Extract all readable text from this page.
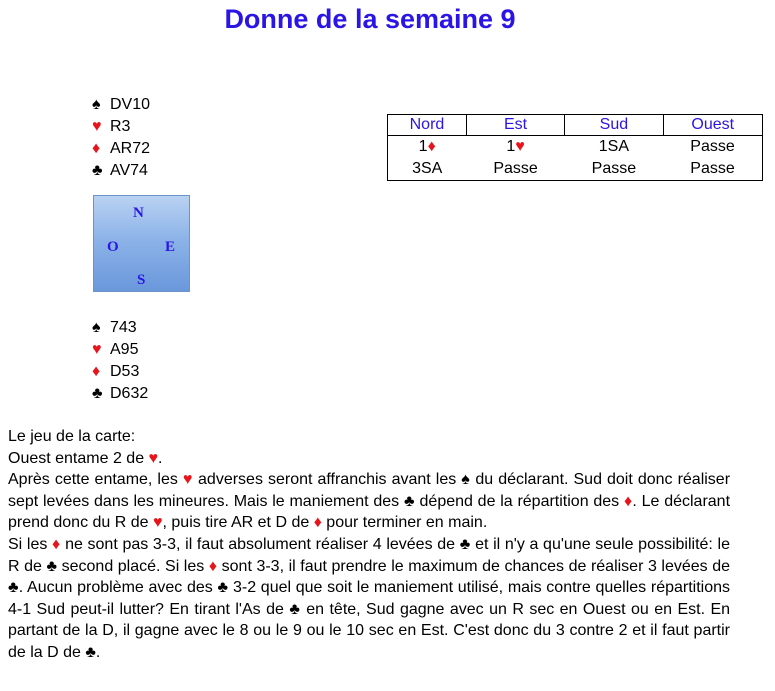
Donne de la semaine 9
♠ DV10
♥ R3
♦ AR72
♣ AV74
N
O	E
S
♠ 743
♥ A95
♦ D53
♣ D632
Nord	Est	Sud	Ouest
1♦	1♥	1SA	Passe
3SA	Passe	Passe	Passe

Le jeu de la carte:

Ouest entame 2 de ♥.

Après cette entame, les ♥ adverses seront affranchis avant les ♠ du déclarant. Sud doit donc réaliser sept levées dans les mineures. Mais le maniement des ♣ dépend de la répartition des ♦. Le déclarant prend donc du R de ♥, puis tire AR et D de ♦ pour terminer en main.

Si les ♦ ne sont pas 3-3, il faut absolument réaliser 4 levées de ♣ et il n'y a qu'une seule possibilité: le R de ♣ second placé. Si les ♦ sont 3-3, il faut prendre le maximum de chances de réaliser 3 levées de ♣. Aucun problème avec des ♣ 3-2 quel que soit le maniement utilisé, mais contre quelles répartitions 4-1 Sud peut-il lutter? En tirant l'As de ♣ en tête, Sud gagne avec un R sec en Ouest ou en Est. En partant de la D, il gagne avec le 8 ou le 9 ou le 10 sec en Est. C'est donc du 3 contre 2 et il faut partir de la D de ♣.
